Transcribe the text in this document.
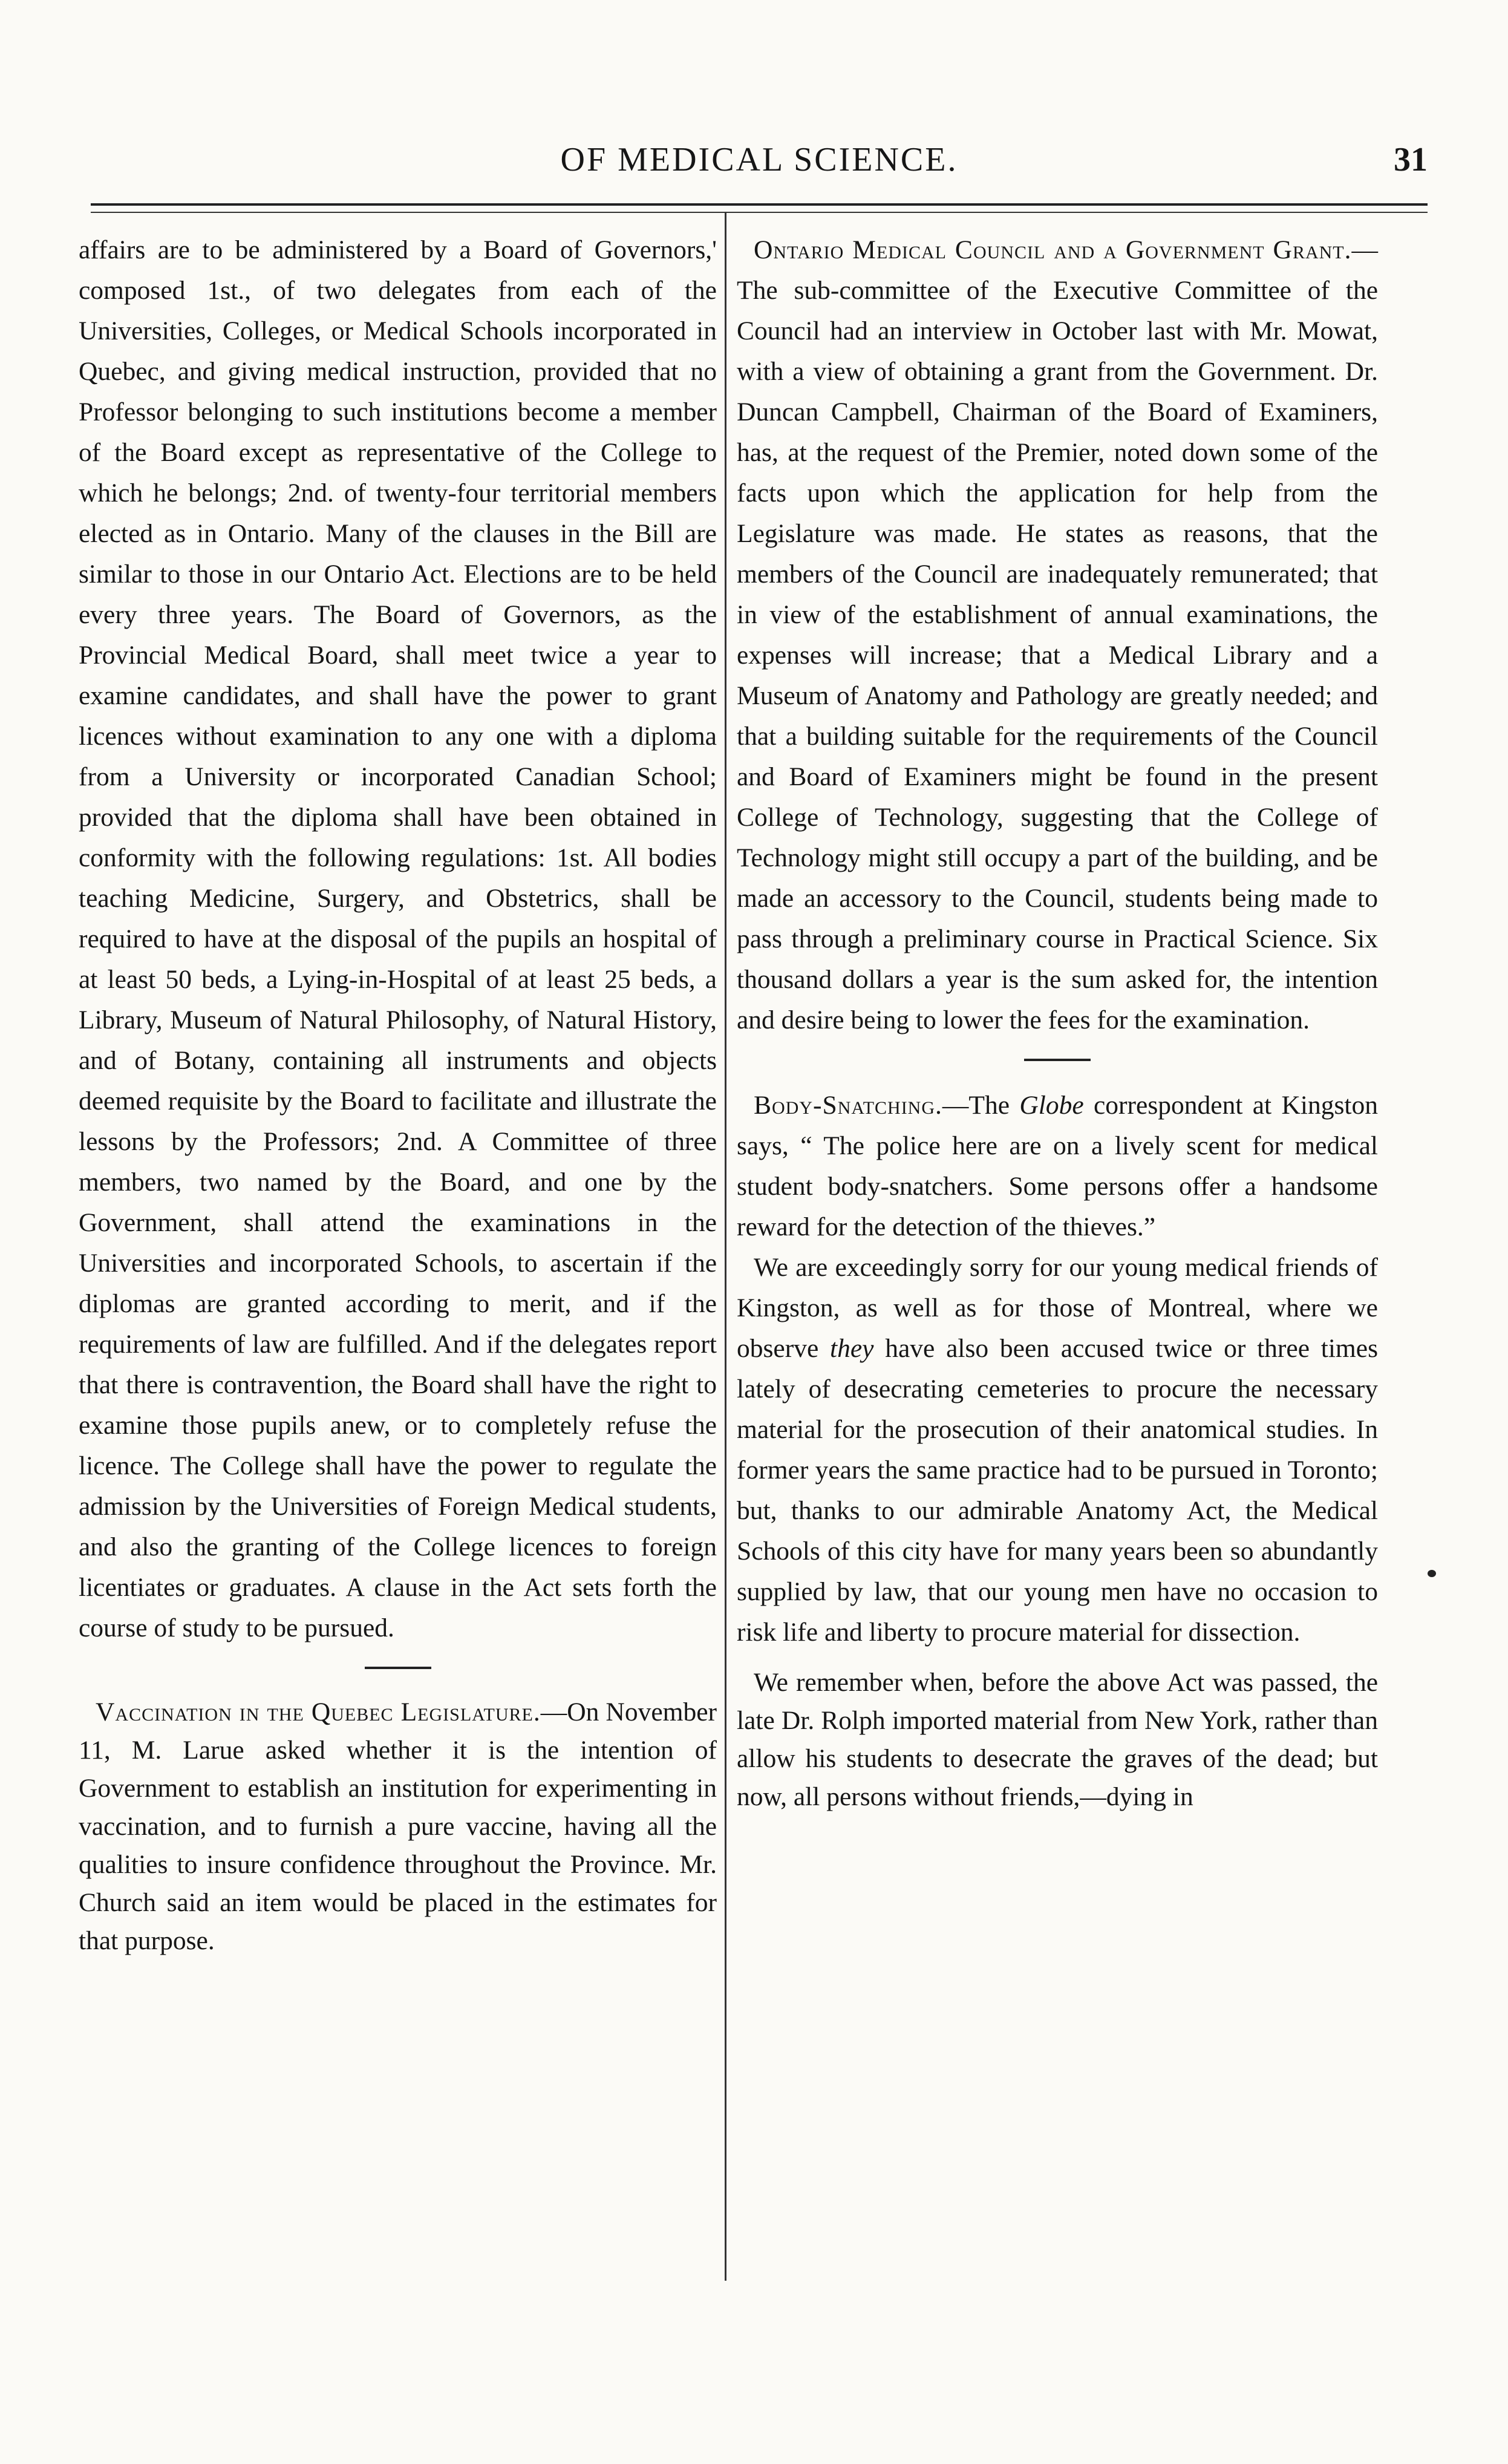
OF MEDICAL SCIENCE.	31

affairs are to be administered by a Board of Governors,' composed 1st., of two delegates from each of the Universities, Colleges, or Medical Schools incorporated in Quebec, and giving medical instruction, provided that no Professor belonging to such institutions become a member of the Board except as representative of the College to which he belongs; 2nd. of twenty-four territorial members elected as in Ontario. Many of the clauses in the Bill are similar to those in our Ontario Act. Elections are to be held every three years. The Board of Governors, as the Provincial Medical Board, shall meet twice a year to examine candidates, and shall have the power to grant licences without examination to any one with a diploma from a University or incorporated Canadian School; provided that the diploma shall have been obtained in conformity with the following regulations: 1st. All bodies teaching Medicine, Surgery, and Obstetrics, shall be required to have at the disposal of the pupils an hospital of at least 50 beds, a Lying-in-Hospital of at least 25 beds, a Library, Museum of Natural Philosophy, of Natural History, and of Botany, containing all instruments and objects deemed requisite by the Board to facilitate and illustrate the lessons by the Professors; 2nd. A Committee of three members, two named by the Board, and one by the Government, shall attend the examinations in the Universities and incorporated Schools, to ascertain if the diplomas are granted according to merit, and if the requirements of law are fulfilled. And if the delegates report that there is contravention, the Board shall have the right to examine those pupils anew, or to completely refuse the licence. The College shall have the power to regulate the admission by the Universities of Foreign Medical students, and also the granting of the College licences to foreign licentiates or graduates. A clause in the Act sets forth the course of study to be pursued.

Vaccination in the Quebec Legislature.—On November 11, M. Larue asked whether it is the intention of Government to establish an institution for experimenting in vaccination, and to furnish a pure vaccine, having all the qualities to insure confidence throughout the Province. Mr. Church said an item would be placed in the estimates for that purpose.

Ontario Medical Council and a Government Grant.—The sub-committee of the Executive Committee of the Council had an interview in October last with Mr. Mowat, with a view of obtaining a grant from the Government. Dr. Duncan Campbell, Chairman of the Board of Examiners, has, at the request of the Premier, noted down some of the facts upon which the application for help from the Legislature was made. He states as reasons, that the members of the Council are inadequately remunerated; that in view of the establishment of annual examinations, the expenses will increase; that a Medical Library and a Museum of Anatomy and Pathology are greatly needed; and that a building suitable for the requirements of the Council and Board of Examiners might be found in the present College of Technology, suggesting that the College of Technology might still occupy a part of the building, and be made an accessory to the Council, students being made to pass through a preliminary course in Practical Science. Six thousand dollars a year is the sum asked for, the intention and desire being to lower the fees for the examination.

Body-Snatching.—The Globe correspondent at Kingston says, “ The police here are on a lively scent for medical student body-snatchers. Some persons offer a handsome reward for the detection of the thieves.”

We are exceedingly sorry for our young medical friends of Kingston, as well as for those of Montreal, where we observe they have also been accused twice or three times lately of desecrating cemeteries to procure the necessary material for the prosecution of their anatomical studies. In former years the same practice had to be pursued in Toronto; but, thanks to our admirable Anatomy Act, the Medical Schools of this city have for many years been so abundantly supplied by law, that our young men have no occasion to risk life and liberty to procure material for dissection.

We remember when, before the above Act was passed, the late Dr. Rolph imported material from New York, rather than allow his students to desecrate the graves of the dead; but now, all persons without friends,—dying in
